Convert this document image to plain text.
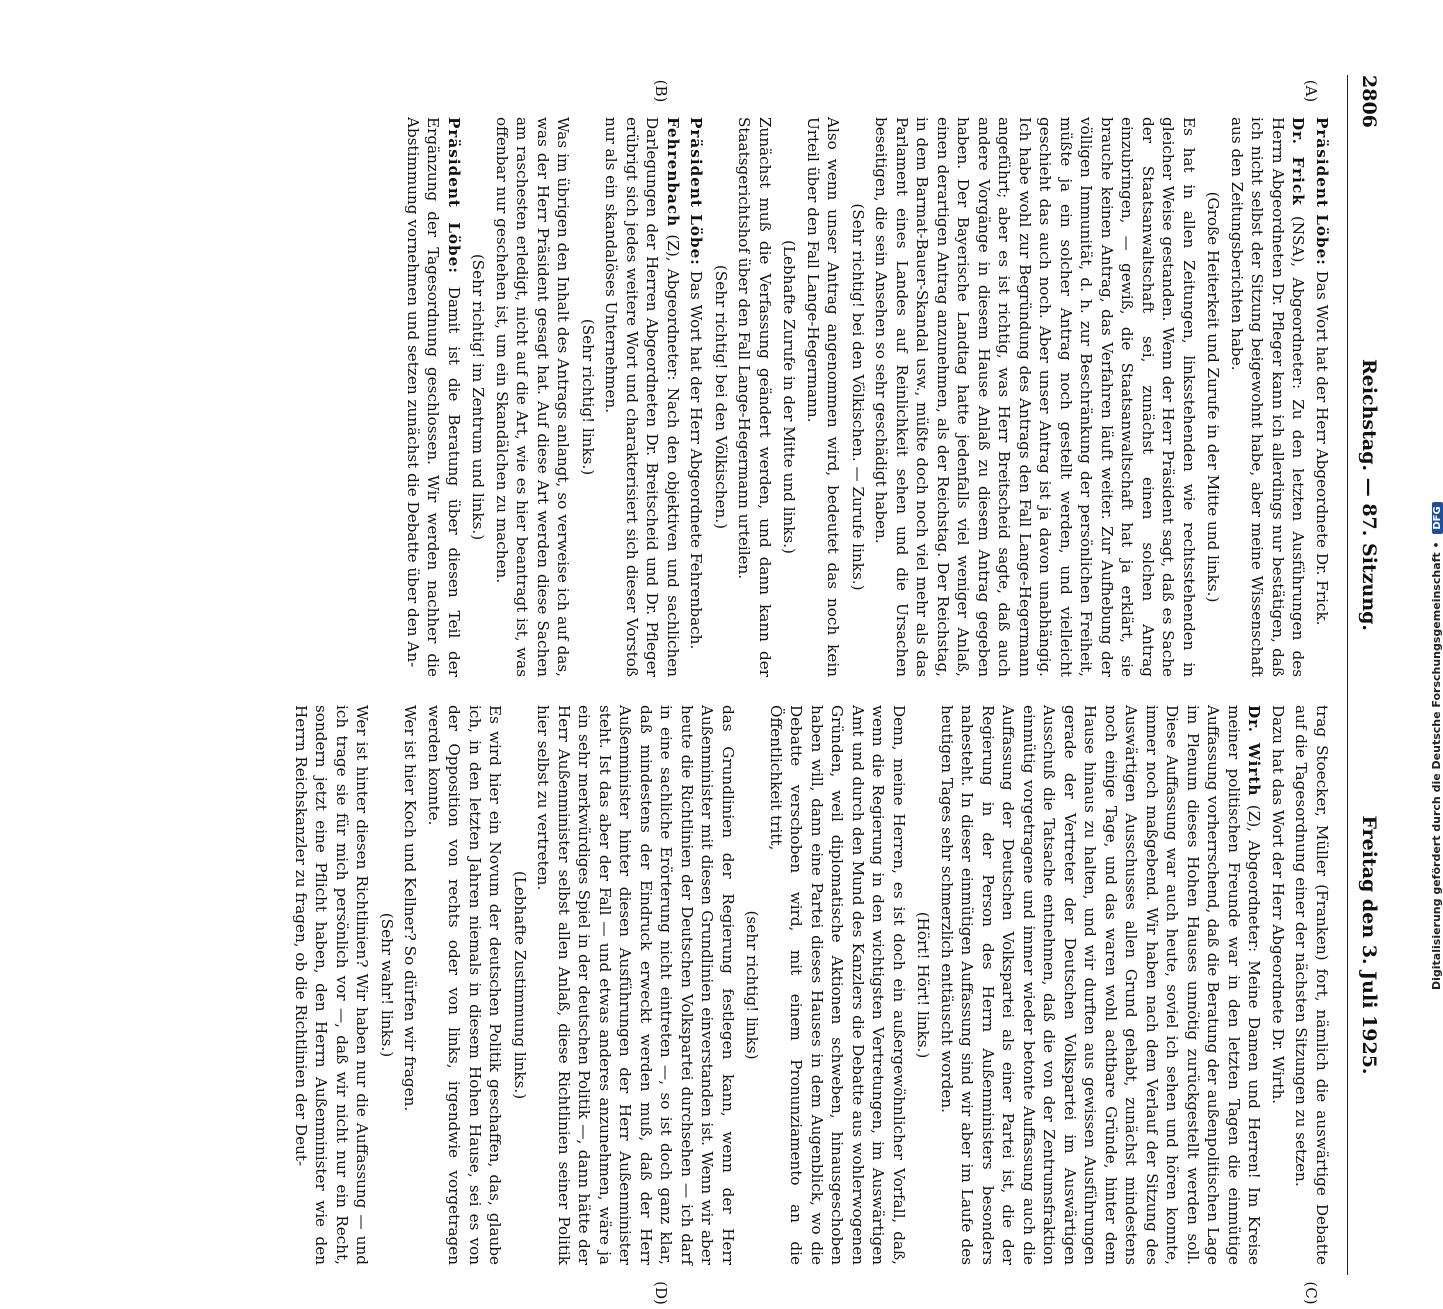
2806
Reichstag. — 87. Sitzung.
Freitag den 3. Juli 1925.
(A)
(B)
(C)
(D)

Präsident Löbe: Das Wort hat der Herr Abgeordnete Dr. Frick.

Dr. Frick (NSA), Abgeordneter: Zu den letzten Ausführungen des Herrn Abgeordneten Dr. Pfleger kann ich allerdings nur bestätigen, daß ich nicht selbst der Sitzung beigewohnt habe, aber meine Wissenschaft aus den Zeitungsberichten habe.

(Große Heiterkeit und Zurufe in der Mitte und links.)

Es hat in allen Zeitungen, linksstehenden wie rechtsstehenden in gleicher Weise gestanden. Wenn der Herr Präsident sagt, daß es Sache der Staatsanwaltschaft sei, zunächst einen solchen Antrag einzubringen, — gewiß, die Staatsanwaltschaft hat ja erklärt, sie brauche keinen Antrag, das Verfahren läuft weiter. Zur Aufhebung der völligen Immunität, d. h. zur Beschränkung der persönlichen Freiheit, müßte ja ein solcher Antrag noch gestellt werden, und vielleicht geschieht das auch noch. Aber unser Antrag ist ja davon unabhängig. Ich habe wohl zur Begründung des Antrags den Fall Lange-Hegermann angeführt; aber es ist richtig, was Herr Breitscheid sagte, daß auch andere Vorgänge in diesem Hause Anlaß zu diesem Antrag gegeben haben. Der Bayerische Landtag hatte jedenfalls viel weniger Anlaß, einen derartigen Antrag anzunehmen, als der Reichstag. Der Reichstag, in dem Barmat-Bauer-Skandal usw., müßte doch noch viel mehr als das Parlament eines Landes auf Reinlichkeit sehen und die Ursachen beseitigen, die sein Ansehen so sehr geschädigt haben.

(Sehr richtig! bei den Völkischen. — Zurufe links.)

Also wenn unser Antrag angenommen wird, bedeutet das noch kein Urteil über den Fall Lange-Hegermann.

(Lebhafte Zurufe in der Mitte und links.)

Zunächst muß die Verfassung geändert werden, und dann kann der Staatsgerichtshof über den Fall Lange-Hegermann urteilen.

(Sehr richtig! bei den Völkischen.)

Präsident Löbe: Das Wort hat der Herr Abgeordnete Fehrenbach.

Fehrenbach (Z), Abgeordneter: Nach den objektiven und sachlichen Darlegungen der Herren Abgeordneten Dr. Breitscheid und Dr. Pfleger erübrigt sich jedes weitere Wort und charakterisiert sich dieser Vorstoß nur als ein skandalöses Unternehmen.

(Sehr richtig! links.)

Was im übrigen den Inhalt des Antrags anlangt, so verweise ich auf das, was der Herr Präsident gesagt hat. Auf diese Art werden diese Sachen am raschesten erledigt, nicht auf die Art, wie es hier beantragt ist, was offenbar nur geschehen ist, um ein Skandälchen zu machen.

(Sehr richtig! im Zentrum und links.)

Präsident Löbe: Damit ist die Beratung über diesen Teil der Ergänzung der Tagesordnung geschlossen. Wir werden nachher die Abstimmung vornehmen und setzen zunächst die Debatte über den An-

trag Stoecker, Müller (Franken) fort, nämlich die auswärtige Debatte auf die Tagesordnung einer der nächsten Sitzungen zu setzen.

Dazu hat das Wort der Herr Abgeordnete Dr. Wirth.

Dr. Wirth (Z), Abgeordneter: Meine Damen und Herren! Im Kreise meiner politischen Freunde war in den letzten Tagen die einmütige Auffassung vorherrschend, daß die Beratung der außenpolitischen Lage im Plenum dieses Hohen Hauses unnötig zurückgestellt werden soll. Diese Auffassung war auch heute, soviel ich sehen und hören konnte, immer noch maßgebend. Wir haben nach dem Verlauf der Sitzung des Auswärtigen Ausschusses allen Grund gehabt, zunächst mindestens noch einige Tage, und das waren wohl achtbare Gründe, hinter dem Hause hinaus zu halten, und wir durften aus gewissen Ausführungen gerade der Vertreter der Deutschen Volkspartei im Auswärtigen Ausschuß die Tatsache entnehmen, daß die von der Zentrumsfraktion einmütig vorgetragene und immer wieder betonte Auffassung auch die Auffassung der Deutschen Volkspartei als einer Partei ist, die der Regierung in der Person des Herrn Außenministers besonders nahesteht. In dieser einmütigen Auffassung sind wir aber im Laufe des heutigen Tages sehr schmerzlich enttäuscht worden.

(Hört! Hört! links.)

Denn, meine Herren, es ist doch ein außergewöhnlicher Vorfall, daß, wenn die Regierung in den wichtigsten Vertretungen, im Auswärtigen Amt und durch den Mund des Kanzlers die Debatte aus wohlerwogenen Gründen, weil diplomatische Aktionen schweben, hinausgeschoben haben will, dann eine Partei dieses Hauses in dem Augenblick, wo die Debatte verschoben wird, mit einem Pronunziamento an die Öffentlichkeit tritt,

(sehr richtig! links)

das Grundlinien der Regierung festlegen kann, wenn der Herr Außenminister mit diesen Grundlinien einverstanden ist. Wenn wir aber heute die Richtlinien der Deutschen Volkspartei durchsehen — ich darf in eine sachliche Erörterung nicht eintreten —, so ist doch ganz klar, daß mindestens der Eindruck erweckt werden muß, daß der Herr Außenminister hinter diesen Ausführungen der Herr Außenminister steht. Ist das aber der Fall — und etwas anderes anzunehmen, wäre ja ein sehr merkwürdiges Spiel in der deutschen Politik —, dann hätte der Herr Außenminister selbst allen Anlaß, diese Richtlinien seiner Politik hier selbst zu vertreten.

(Lebhafte Zustimmung links.)

Es wird hier ein Novum der deutschen Politik geschaffen, das, glaube ich, in den letzten Jahren niemals in diesem Hohen Hause, sei es von der Opposition von rechts oder von links, irgendwie vorgetragen werden konnte.

Wer ist hier Koch und Kellner? So dürfen wir fragen.

(Sehr wahr! links.)

Wer ist hinter diesen Richtlinien? Wir haben nur die Auffassung — und ich trage sie für mich persönlich vor —, daß wir nicht nur ein Recht, sondern jetzt eine Pflicht haben, den Herrn Außenminister wie den Herrn Reichskanzler zu fragen, ob die Richtlinien der Deut-	Digitalisierung gefördert durch die Deutsche Forschungsgemeinschaft • DFG
